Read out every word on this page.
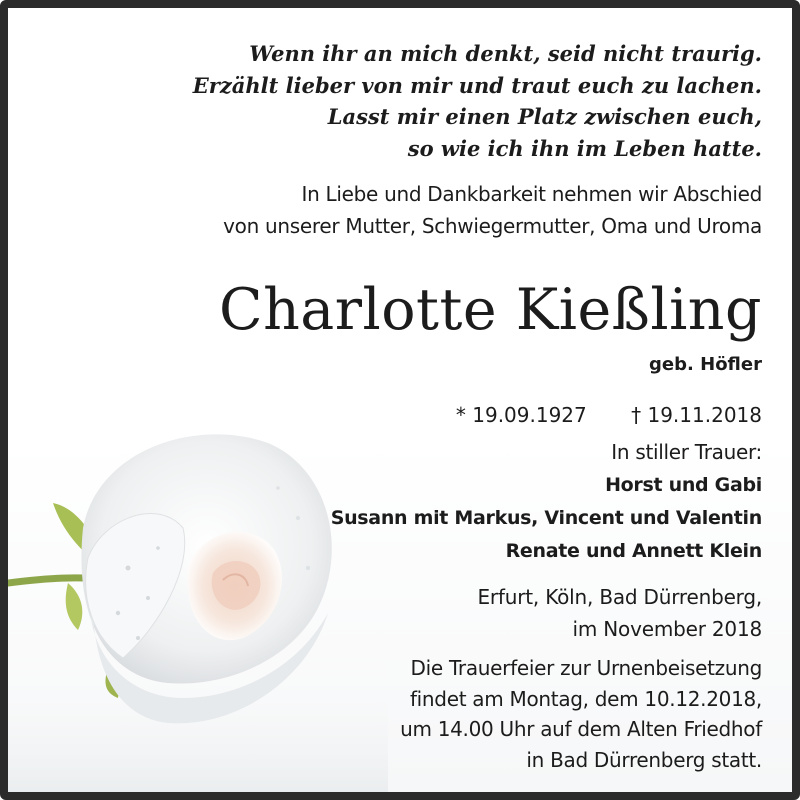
Wenn ihr an mich denkt, seid nicht traurig.
Erzählt lieber von mir und traut euch zu lachen.
Lasst mir einen Platz zwischen euch,
so wie ich ihn im Leben hatte.
In Liebe und Dankbarkeit nehmen wir Abschied
von unserer Mutter, Schwiegermutter, Oma und Uroma
Charlotte Kießling
geb. Höfler
* 19.09.1927 † 19.11.2018
In stiller Trauer:
Horst und Gabi
Susann mit Markus, Vincent und Valentin
Renate und Annett Klein
Erfurt, Köln, Bad Dürrenberg,
im November 2018
Die Trauerfeier zur Urnenbeisetzung
findet am Montag, dem 10.12.2018,
um 14.00 Uhr auf dem Alten Friedhof
in Bad Dürrenberg statt.
